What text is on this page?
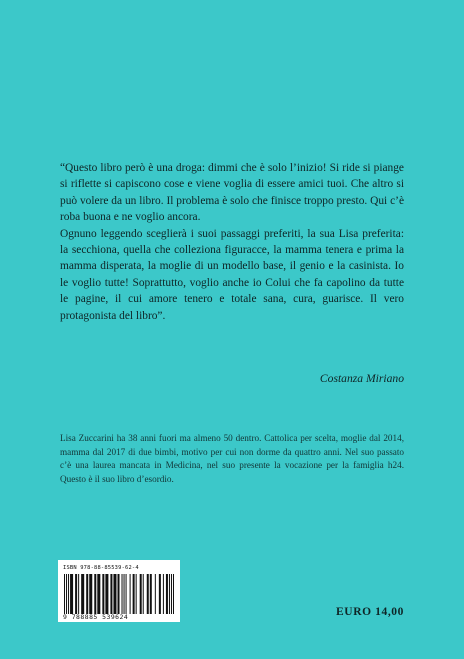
“Questo libro però è una droga: dimmi che è solo l’inizio! Si ride si piange si riflette si capiscono cose e viene voglia di essere amici tuoi. Che altro si può volere da un libro. Il problema è solo che finisce troppo presto. Qui c’è roba buona e ne voglio ancora.

Ognuno leggendo sceglierà i suoi passaggi preferiti, la sua Lisa preferita: la secchiona, quella che colleziona figuracce, la mamma tenera e prima la mamma disperata, la moglie di un modello base, il genio e la casinista. Io le voglio tutte! Soprattutto, voglio anche io Colui che fa capolino da tutte le pagine, il cui amore tenero e totale sana, cura, guarisce. Il vero protagonista del libro”.

Costanza Miriano
Lisa Zuccarini ha 38 anni fuori ma almeno 50 dentro. Cattolica per scelta, moglie dal 2014, mamma dal 2017 di due bimbi, motivo per cui non dorme da quattro anni. Nel suo passato c’è una laurea mancata in Medicina, nel suo presente la vocazione per la famiglia h24. Questo è il suo libro d’esordio.
ISBN 978-88-85539-62-4
9 788885 539624	EURO 14,00
